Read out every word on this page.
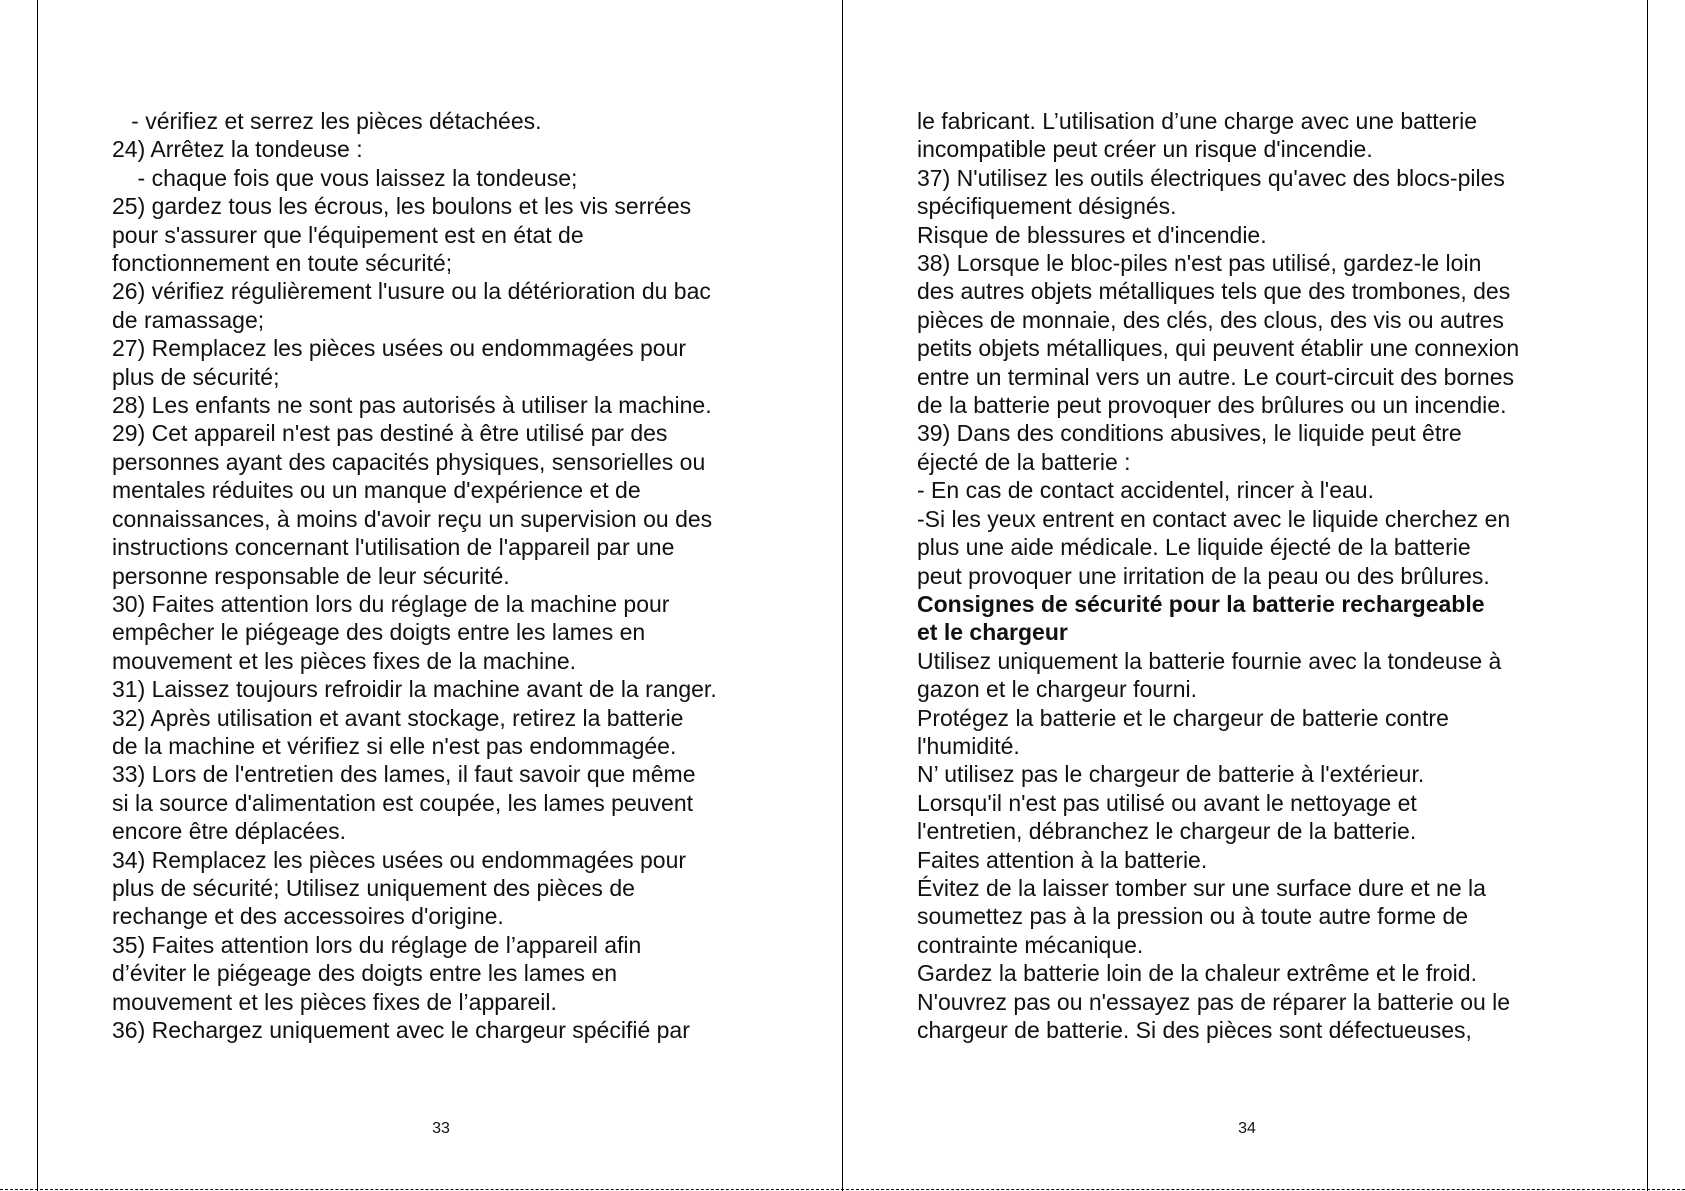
- vérifiez et serrez les pièces détachées.
24) Arrêtez la tondeuse :
- chaque fois que vous laissez la tondeuse;
25) gardez tous les écrous, les boulons et les vis serrées
pour s'assurer que l'équipement est en état de
fonctionnement en toute sécurité;
26) vérifiez régulièrement l'usure ou la détérioration du bac
de ramassage;
27) Remplacez les pièces usées ou endommagées pour
plus de sécurité;
28) Les enfants ne sont pas autorisés à utiliser la machine.
29) Cet appareil n'est pas destiné à être utilisé par des
personnes ayant des capacités physiques, sensorielles ou
mentales réduites ou un manque d'expérience et de
connaissances, à moins d'avoir reçu un supervision ou des
instructions concernant l'utilisation de l'appareil par une
personne responsable de leur sécurité.
30) Faites attention lors du réglage de la machine pour
empêcher le piégeage des doigts entre les lames en
mouvement et les pièces fixes de la machine.
31) Laissez toujours refroidir la machine avant de la ranger.
32) Après utilisation et avant stockage, retirez la batterie
de la machine et vérifiez si elle n'est pas endommagée.
33) Lors de l'entretien des lames, il faut savoir que même
si la source d'alimentation est coupée, les lames peuvent
encore être déplacées.
34) Remplacez les pièces usées ou endommagées pour
plus de sécurité; Utilisez uniquement des pièces de
rechange et des accessoires d'origine.
35) Faites attention lors du réglage de l’appareil afin
d’éviter le piégeage des doigts entre les lames en
mouvement et les pièces fixes de l’appareil.
36) Rechargez uniquement avec le chargeur spécifié par
33
le fabricant. L’utilisation d’une charge avec une batterie
incompatible peut créer un risque d'incendie.
37) N'utilisez les outils électriques qu'avec des blocs-piles
spécifiquement désignés.
Risque de blessures et d'incendie.
38) Lorsque le bloc-piles n'est pas utilisé, gardez-le loin
des autres objets métalliques tels que des trombones, des
pièces de monnaie, des clés, des clous, des vis ou autres
petits objets métalliques, qui peuvent établir une connexion
entre un terminal vers un autre. Le court-circuit des bornes
de la batterie peut provoquer des brûlures ou un incendie.
39) Dans des conditions abusives, le liquide peut être
éjecté de la batterie :
- En cas de contact accidentel, rincer à l'eau.
-Si les yeux entrent en contact avec le liquide cherchez en
plus une aide médicale. Le liquide éjecté de la batterie
peut provoquer une irritation de la peau ou des brûlures.
Consignes de sécurité pour la batterie rechargeable
et le chargeur
Utilisez uniquement la batterie fournie avec la tondeuse à
gazon et le chargeur fourni.
Protégez la batterie et le chargeur de batterie contre
l'humidité.
N’ utilisez pas le chargeur de batterie à l'extérieur.
Lorsqu'il n'est pas utilisé ou avant le nettoyage et
l'entretien, débranchez le chargeur de la batterie.
Faites attention à la batterie.
Évitez de la laisser tomber sur une surface dure et ne la
soumettez pas à la pression ou à toute autre forme de
contrainte mécanique.
Gardez la batterie loin de la chaleur extrême et le froid.
N'ouvrez pas ou n'essayez pas de réparer la batterie ou le
chargeur de batterie. Si des pièces sont défectueuses,
34
